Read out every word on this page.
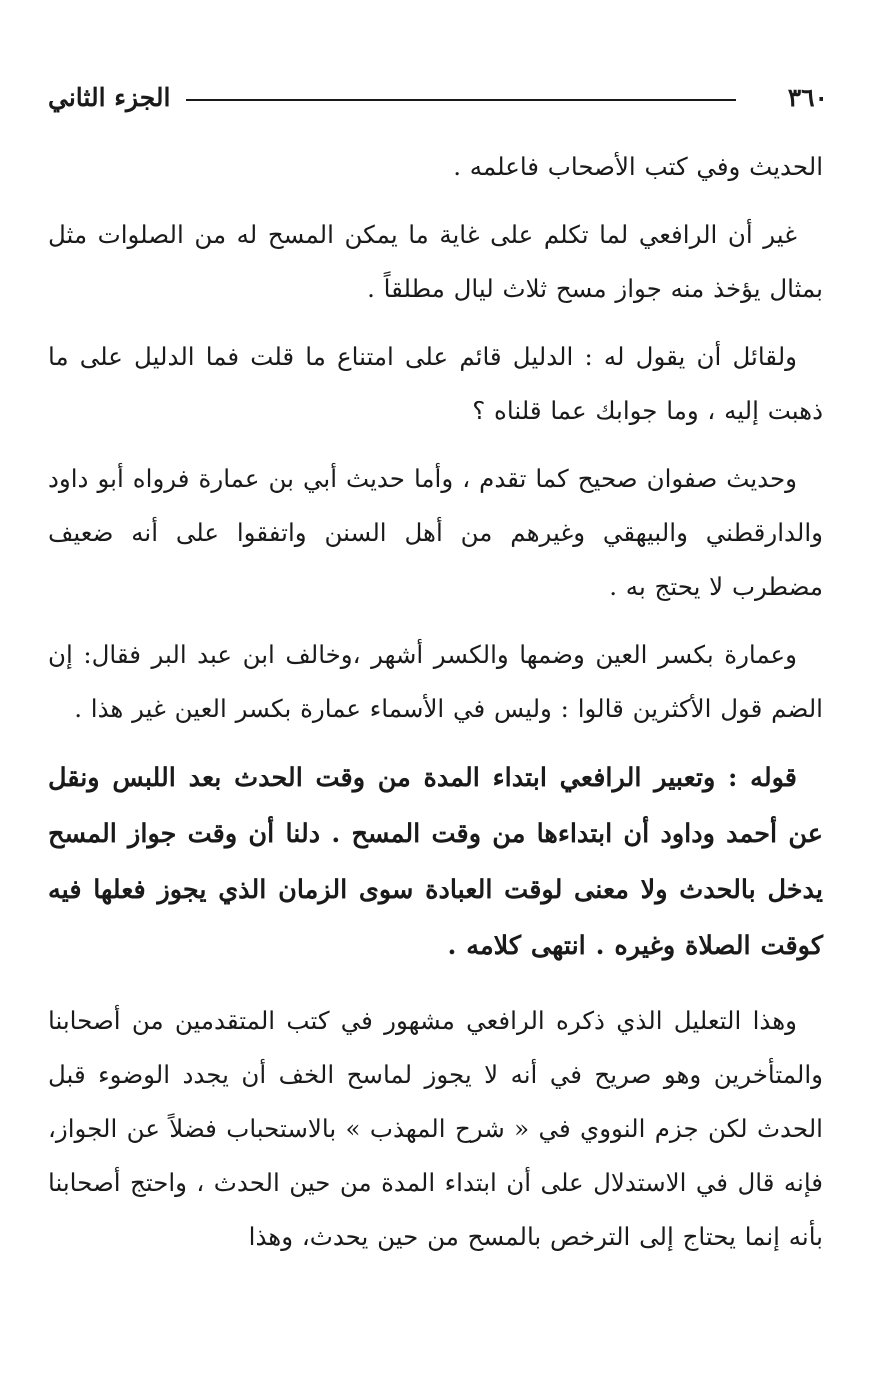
٣٦٠
الجزء الثاني

الحديث وفي كتب الأصحاب فاعلمه .

غير أن الرافعي لما تكلم على غاية ما يمكن المسح له من الصلوات مثل بمثال يؤخذ منه جواز مسح ثلاث ليال مطلقاً .

ولقائل أن يقول له : الدليل قائم على امتناع ما قلت فما الدليل على ما ذهبت إليه ، وما جوابك عما قلناه ؟

وحديث صفوان صحيح كما تقدم ، وأما حديث أبي بن عمارة فرواه أبو داود والدارقطني والبيهقي وغيرهم من أهل السنن واتفقوا على أنه ضعيف مضطرب لا يحتج به .

وعمارة بكسر العين وضمها والكسر أشهر ،وخالف ابن عبد البر فقال: إن الضم قول الأكثرين قالوا : وليس في الأسماء عمارة بكسر العين غير هذا .

قوله : وتعبير الرافعي ابتداء المدة من وقت الحدث بعد اللبس ونقل عن أحمد وداود أن ابتداءها من وقت المسح . دلنا أن وقت جواز المسح يدخل بالحدث ولا معنى لوقت العبادة سوى الزمان الذي يجوز فعلها فيه كوقت الصلاة وغيره . انتهى كلامه .

وهذا التعليل الذي ذكره الرافعي مشهور في كتب المتقدمين من أصحابنا والمتأخرين وهو صريح في أنه لا يجوز لماسح الخف أن يجدد الوضوء قبل الحدث لكن جزم النووي في « شرح المهذب » بالاستحباب فضلاً عن الجواز، فإنه قال في الاستدلال على أن ابتداء المدة من حين الحدث ، واحتج أصحابنا بأنه إنما يحتاج إلى الترخص بالمسح من حين يحدث، وهذا
